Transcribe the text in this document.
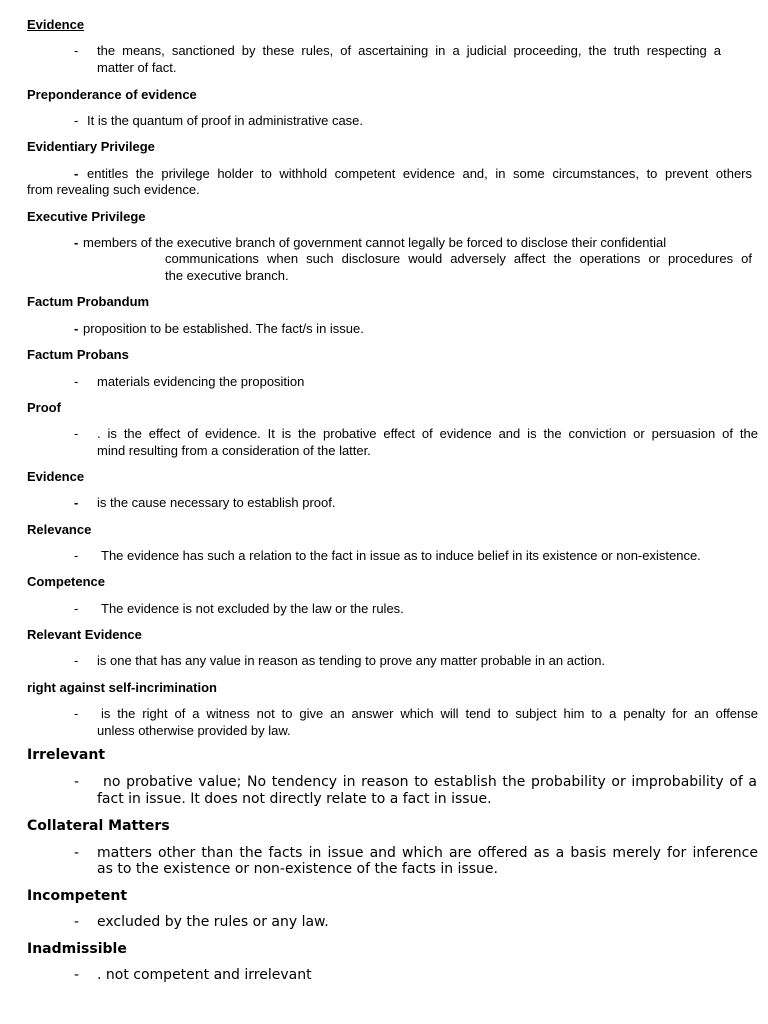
Evidence
- the means, sanctioned by these rules, of ascertaining in a judicial proceeding, the truth respecting a
matter of fact.
Preponderance of evidence
- It is the quantum of proof in administrative case.
Evidentiary Privilege
- entitles the privilege holder to withhold competent evidence and, in some circumstances, to prevent others
from revealing such evidence.
Executive Privilege
- members of the executive branch of government cannot legally be forced to disclose their confidential
communications when such disclosure would adversely affect the operations or procedures of
the executive branch.
Factum Probandum
- proposition to be established. The fact/s in issue.
Factum Probans
- materials evidencing the proposition
Proof
- . is the effect of evidence. It is the probative effect of evidence and is the conviction or persuasion of the
mind resulting from a consideration of the latter.
Evidence
- is the cause necessary to establish proof.
Relevance
- The evidence has such a relation to the fact in issue as to induce belief in its existence or non-existence.
Competence
- The evidence is not excluded by the law or the rules.
Relevant Evidence
- is one that has any value in reason as tending to prove any matter probable in an action.
right against self-incrimination
- is the right of a witness not to give an answer which will tend to subject him to a penalty for an offense
unless otherwise provided by law.
Irrelevant
- no probative value; No tendency in reason to establish the probability or improbability of a
fact in issue. It does not directly relate to a fact in issue.
Collateral Matters
- matters other than the facts in issue and which are offered as a basis merely for inference
as to the existence or non-existence of the facts in issue.
Incompetent
- excluded by the rules or any law.
Inadmissible
- . not competent and irrelevant
